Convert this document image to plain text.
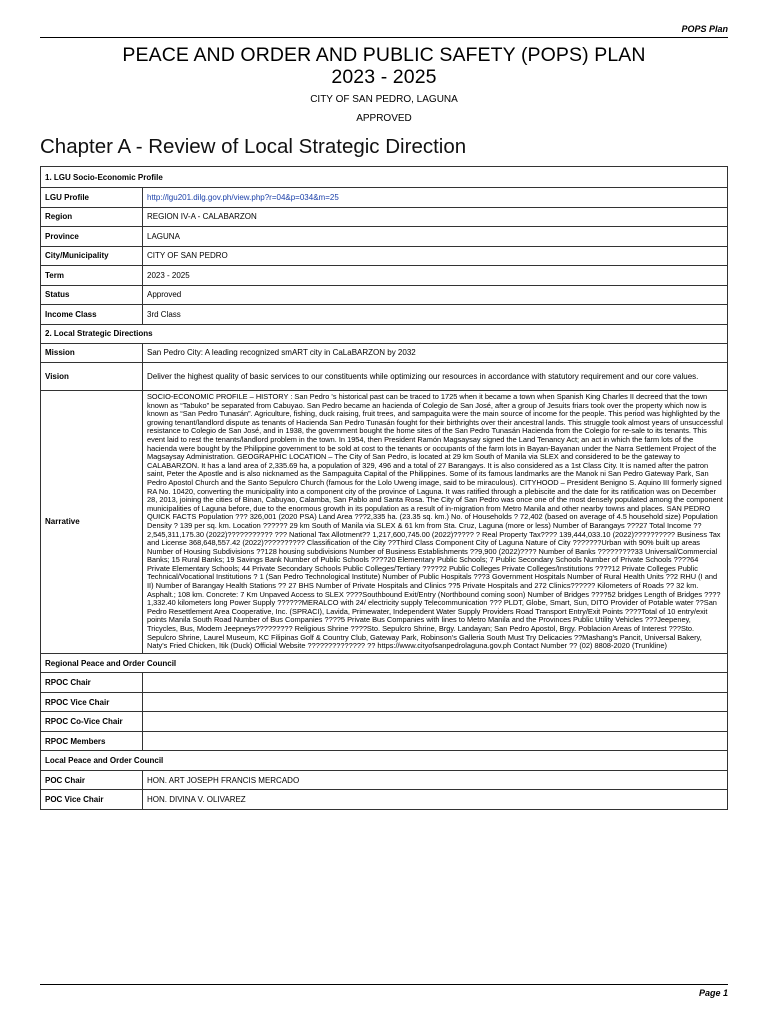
POPS Plan
PEACE AND ORDER AND PUBLIC SAFETY (POPS) PLAN
2023 - 2025
CITY OF SAN PEDRO, LAGUNA
APPROVED
Chapter A - Review of Local Strategic Direction
1. LGU Socio-Economic Profile	
LGU Profile	http://lgu201.dilg.gov.ph/view.php?r=04&p=034&m=25
Region	REGION IV-A - CALABARZON
Province	LAGUNA
City/Municipality	CITY OF SAN PEDRO
Term	2023 - 2025
Status	Approved
Income Class	3rd Class
2. Local Strategic Directions	
Mission	San Pedro City: A leading recognized smART city in CaLaBARZON by 2032
Vision	Deliver the highest quality of basic services to our constituents while optimizing our resources in accordance with statutory requirement and our core values.
Narrative	SOCIO-ECONOMIC PROFILE – HISTORY : San Pedro 's historical past can be traced to 1725 when it became a town when Spanish King Charles II decreed that the town known as “Tabuko” be separated from Cabuyao. San Pedro became an hacienda of Colegio de San José, after a group of Jesuits friars took over the property which now is known as “San Pedro Tunasán”. Agriculture, fishing, duck raising, fruit trees, and sampaguita were the main source of income for the people. This period was highlighted by the growing tenant/landlord dispute as tenants of Hacienda San Pedro Tunasán fought for their birthrights over their ancestral lands. This struggle took almost years of unsuccessful resistance to Colegio de San José, and in 1938, the government bought the home sites of the San Pedro Tunasán Hacienda from the Colegio for re-sale to its tenants. This event laid to rest the tenants/landlord problem in the town. In 1954, then President Ramón Magsaysay signed the Land Tenancy Act; an act in which the farm lots of the hacienda were bought by the Philippine government to be sold at cost to the tenants or occupants of the farm lots in Bayan-Bayanan under the Narra Settlement Project of the Magsaysay Administration. GEOGRAPHIC LOCATION – The City of San Pedro, is located at 29 km South of Manila via SLEX and considered to be the gateway to CALABARZON. It has a land area of 2,335.69 ha, a population of 329, 496 and a total of 27 Barangays. It is also considered as a 1st Class City. It is named after the patron saint, Peter the Apostle and is also nicknamed as the Sampaguita Capital of the Philippines. Some of its famous landmarks are the Manok ni San Pedro Gateway Park, San Pedro Apostol Church and the Santo Sepulcro Church (famous for the Lolo Uweng image, said to be miraculous). CITYHOOD – President Benigno S. Aquino III formerly signed RA No. 10420, converting the municipality into a component city of the province of Laguna. It was ratified through a plebiscite and the date for its ratification was on December 28, 2013, joining the cities of Binan, Cabuyao, Calamba, San Pablo and Santa Rosa. The City of San Pedro was once one of the most densely populated among the component municipalities of Laguna before, due to the enormous growth in its population as a result of in-migration from Metro Manila and other nearby towns and places. SAN PEDRO QUICK FACTS Population ??? 326,001 (2020 PSA) Land Area ???2,335 ha. (23.35 sq. km.) No. of Households ? 72,402 (based on average of 4.5 household size) Population Density ? 139 per sq. km. Location ?????? 29 km South of Manila via SLEX & 61 km from Sta. Cruz, Laguna (more or less) Number of Barangays ???27 Total Income ?? 2,545,311,175.30 (2022)??????????? ??? National Tax Allotment?? 1,217,600,745.00 (2022)????? ? Real Property Tax???? 139,444,033.10 (2022)?????????? Business Tax and License 368,648,557.42 (2022)?????????? Classification of the City ??Third Class Component City of Laguna Nature of City ???????Urban with 90% built up areas Number of Housing Subdivisions ??128 housing subdivisions Number of Business Establishments ??9,900 (2022)???? Number of Banks ?????????33 Universal/Commercial Banks; 15 Rural Banks; 19 Savings Bank Number of Public Schools ????20 Elementary Public Schools; 7 Public Secondary Schools Number of Private Schools ????64 Private Elementary Schools; 44 Private Secondary Schools Public Colleges/Tertiary ?????2 Public Colleges Private Colleges/Institutions ????12 Private Colleges Public Technical/Vocational Institutions ? 1 (San Pedro Technological Institute) Number of Public Hospitals ???3 Government Hospitals Number of Rural Health Units ??2 RHU (I and II) Number of Barangay Health Stations ?? 27 BHS Number of Private Hospitals and Clinics ??5 Private Hospitals and 272 Clinics?????? Kilometers of Roads ?? 32 km. Asphalt.; 108 km. Concrete: 7 Km Unpaved Access to SLEX ????Southbound Exit/Entry (Northbound coming soon) Number of Bridges ????52 bridges Length of Bridges ????1,332.40 kilometers long Power Supply ??????MERALCO with 24/ electricity supply Telecommunication ??? PLDT, Globe, Smart, Sun, DITO Provider of Potable water ??San Pedro Resettlement Area Cooperative, Inc. (SPRACI), Lavida, Primewater, Independent Water Supply Providers Road Transport Entry/Exit Points ????Total of 10 entry/exit points Manila South Road Number of Bus Companies ????5 Private Bus Companies with lines to Metro Manila and the Provinces Public Utility Vehicles ???Jeepeney, Tricycles, Bus, Modern Jeepneys????????? Religious Shrine ????Sto. Sepulcro Shrine, Brgy. Landayan; San Pedro Apostol, Brgy. Poblacion Areas of Interest ???Sto. Sepulcro Shrine, Laurel Museum, KC Filipinas Golf & Country Club, Gateway Park, Robinson's Galleria South Must Try Delicacies ??Mashang's Pancit, Universal Bakery, Naty's Fried Chicken, Itik (Duck) Official Website ?????????????? ?? https://www.cityofsanpedrolaguna.gov.ph Contact Number ?? (02) 8808-2020 (Trunkline)
Regional Peace and Order Council	
RPOC Chair	
RPOC Vice Chair	
RPOC Co-Vice Chair	
RPOC Members	
Local Peace and Order Council	
POC Chair	HON. ART JOSEPH FRANCIS MERCADO
POC Vice Chair	HON. DIVINA V. OLIVAREZ
Page 1
